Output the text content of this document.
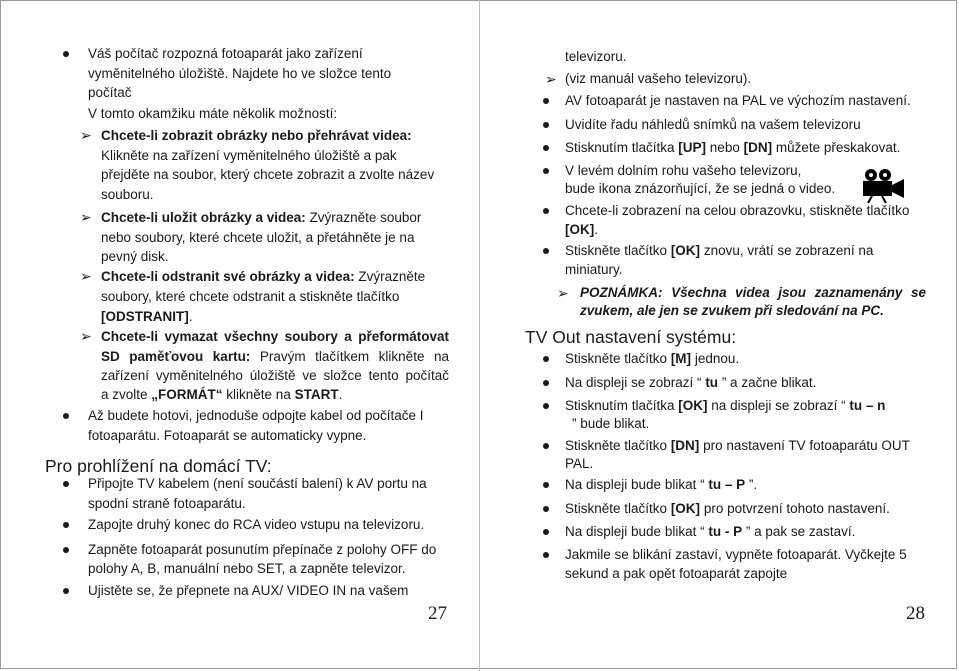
Váš počítač rozpozná fotoaparát jako zařízení
vyměnitelného úložiště. Najdete ho ve složce tento
počítač
V tomto okamžiku máte několik možností:
➢ Chcete-li zobrazit obrázky nebo přehrávat videa:
Klikněte na zařízení vyměnitelného úložiště a pak
přejděte na soubor, který chcete zobrazit a zvolte název
souboru.
➢ Chcete-li uložit obrázky a videa: Zvýrazněte soubor
nebo soubory, které chcete uložit, a přetáhněte je na
pevný disk.
➢ Chcete-li odstranit své obrázky a videa: Zvýrazněte
soubory, které chcete odstranit a stiskněte tlačítko
[ODSTRANIT].
➢ Chcete-li vymazat všechny soubory a přeformátovat
SD paměťovou kartu: Pravým tlačítkem klikněte na
zařízení vyměnitelného úložiště ve složce tento počítač
a zvolte „FORMÁT“ klikněte na START.
Až budete hotovi, jednoduše odpojte kabel od počítače I
fotoaparátu. Fotoaparát se automaticky vypne.
Pro prohlížení na domácí TV:
Připojte TV kabelem (není součástí balení) k AV portu na
spodní straně fotoaparátu.
Zapojte druhý konec do RCA video vstupu na televizoru.
Zapněte fotoaparát posunutím přepínače z polohy OFF do
polohy A, B, manuální nebo SET, a zapněte televizor.
Ujistěte se, že přepnete na AUX/ VIDEO IN na vašem
27
televizoru.
➢ (viz manuál vašeho televizoru).
AV fotoaparát je nastaven na PAL ve výchozím nastavení.
Uvidíte řadu náhledů snímků na vašem televizoru
Stisknutím tlačítka [UP] nebo [DN] můžete přeskakovat.
V levém dolním rohu vašeho televizoru,
bude ikona znázorňující, že se jedná o video.
Chcete-li zobrazení na celou obrazovku, stiskněte tlačítko
[OK].
Stiskněte tlačítko [OK] znovu, vrátí se zobrazení na
miniatury.
➢ POZNÁMKA: Všechna videa jsou zaznamenány se
zvukem, ale jen se zvukem při sledování na PC.
TV Out nastavení systému:
Stiskněte tlačítko [M] jednou.
Na displeji se zobrazí “ tu ” a začne blikat.
Stisknutím tlačítka [OK] na displeji se zobrazí “ tu – n
” bude blikat.
Stiskněte tlačítko [DN] pro nastavení TV fotoaparátu OUT
PAL.
Na displeji bude blikat “ tu – P ”.
Stiskněte tlačítko [OK] pro potvrzení tohoto nastavení.
Na displeji bude blikat “ tu - P ” a pak se zastaví.
Jakmile se blikání zastaví, vypněte fotoaparát. Vyčkejte 5
sekund a pak opět fotoaparát zapojte
28
